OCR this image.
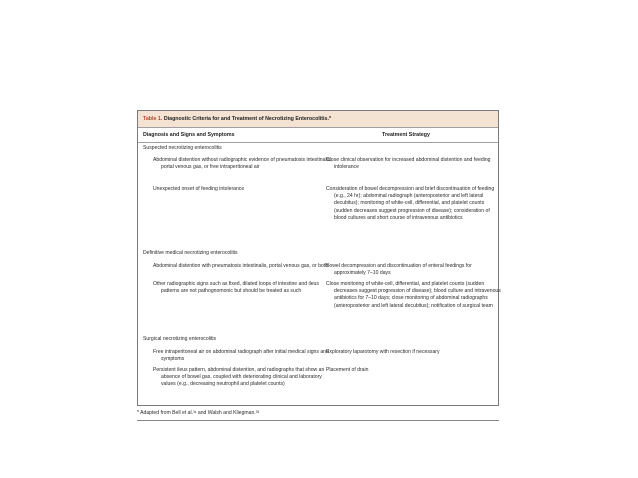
Table 1. Diagnostic Criteria for and Treatment of Necrotizing Enterocolitis.*
Diagnosis and Signs and Symptoms	Treatment Strategy
Suspected necrotizing enterocolitis
Abdominal distention without radiographic evidence of pneumatosis intestinalis, portal venous gas, or free intraperitoneal air
Close clinical observation for increased abdominal distention and feeding intolerance
Unexpected onset of feeding intolerance	Consideration of bowel decompression and brief discontinuation of feeding (e.g., 24 hr); abdominal radiograph (anteroposterior and left lateral decubitus); monitoring of white-cell, differential, and platelet counts (sudden decreases suggest progression of disease); consideration of blood cultures and short course of intravenous antibiotics
Definitive medical necrotizing enterocolitis
Abdominal distention with pneumatosis intestinalis, portal venous gas, or both
Bowel decompression and discontinuation of enteral feedings for approximately 7–10 days
Other radiographic signs such as fixed, dilated loops of intestine and ileus patterns are not pathognomonic but should be treated as such
Close monitoring of white-cell, differential, and platelet counts (sudden decreases suggest progression of disease); blood culture and intravenous antibiotics for 7–10 days; close monitoring of abdominal radiographs (anteroposterior and left lateral decubitus); notification of surgical team
Surgical necrotizing enterocolitis
Free intraperitoneal air on abdominal radiograph after initial medical signs and symptoms
Exploratory laparotomy with resection if necessary
Persistent ileus pattern, abdominal distention, and radiographs that show an absence of bowel gas, coupled with deteriorating clinical and laboratory values (e.g., decreasing neutrophil and platelet counts)
Placement of drain
* Adapted from Bell et al.³¹ and Walsh and Kliegman.³³
